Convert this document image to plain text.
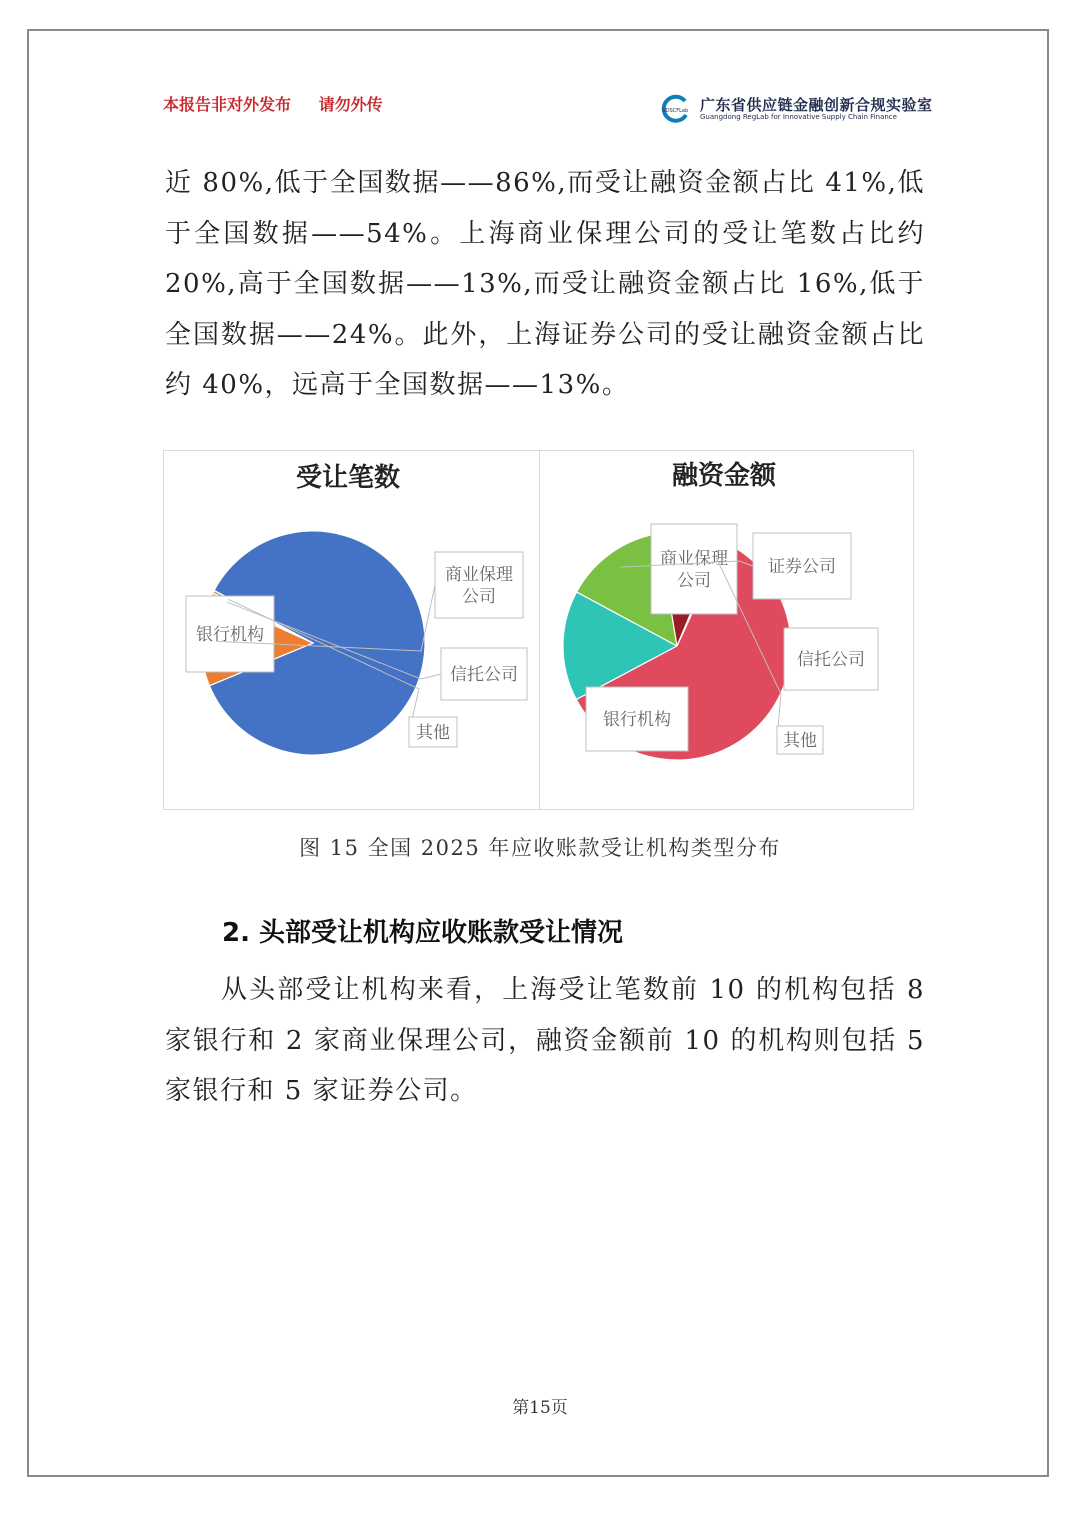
本报告非对外发布 请勿外传	GDSCFLab 广东省供应链金融创新合规实验室
Guangdong RegLab for Innovative Supply Chain Finance

近 80%,低于全国数据——86%,而受让融资金额占比 41%,低于全国数据——54%。上海商业保理公司的受让笔数占比约 20%,高于全国数据——13%,而受让融资金额占比 16%,低于全国数据——24%。此外，上海证券公司的受让融资金额占比约 40%，远高于全国数据——13%。

受让笔数
银行机构
商业保理
公司
信托公司
其他
融资金额
商业保理
公司
证券公司
信托公司
其他
银行机构
图 15 全国 2025 年应收账款受让机构类型分布
2. 头部受让机构应收账款受让情况

从头部受让机构来看，上海受让笔数前 10 的机构包括 8 家银行和 2 家商业保理公司，融资金额前 10 的机构则包括 5 家银行和 5 家证券公司。

第15页
